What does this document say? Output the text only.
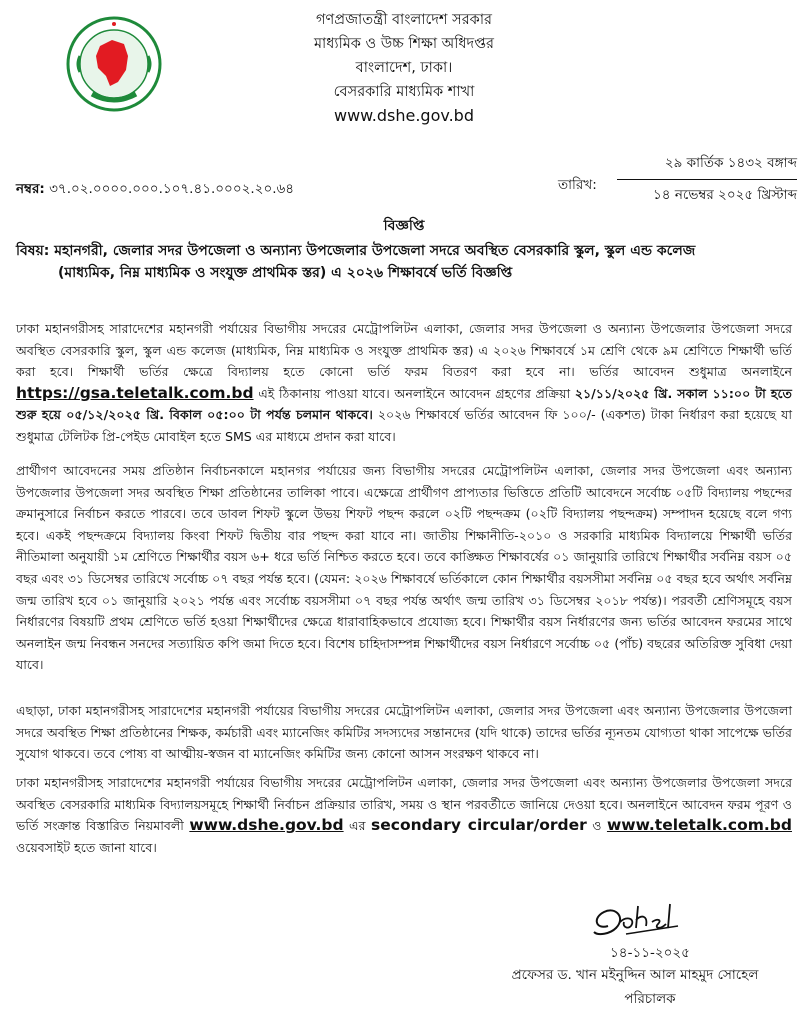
গণপ্রজাতন্ত্রী বাংলাদেশ সরকার
মাধ্যমিক ও উচ্চ শিক্ষা অধিদপ্তর
বাংলাদেশ, ঢাকা।
বেসরকারি মাধ্যমিক শাখা
www.dshe.gov.bd
নম্বর: ৩৭.০২.০০০০.০০০.১০৭.৪১.০০০২.২০.৬৪	তারিখ:
২৯ কার্তিক ১৪৩২ বঙ্গাব্দ
১৪ নভেম্বর ২০২৫ খ্রিস্টাব্দ
বিজ্ঞপ্তি
বিষয়: মহানগরী, জেলার সদর উপজেলা ও অন্যান্য উপজেলার উপজেলা সদরে অবস্থিত বেসরকারি স্কুল, স্কুল এন্ড কলেজ
(মাধ্যমিক, নিম্ন মাধ্যমিক ও সংযুক্ত প্রাথমিক স্তর) এ ২০২৬ শিক্ষাবর্ষে ভর্তি বিজ্ঞপ্তি

ঢাকা মহানগরীসহ সারাদেশের মহানগরী পর্যায়ের বিভাগীয় সদরের মেট্রোপলিটন এলাকা, জেলার সদর উপজেলা ও অন্যান্য উপজেলার উপজেলা সদরে অবস্থিত বেসরকারি স্কুল, স্কুল এন্ড কলেজ (মাধ্যমিক, নিম্ন মাধ্যমিক ও সংযুক্ত প্রাথমিক স্তর) এ ২০২৬ শিক্ষাবর্ষে ১ম শ্রেণি থেকে ৯ম শ্রেণিতে শিক্ষার্থী ভর্তি করা হবে। শিক্ষার্থী ভর্তির ক্ষেত্রে বিদ্যালয় হতে কোনো ভর্তি ফরম বিতরণ করা হবে না। ভর্তির আবেদন শুধুমাত্র অনলাইনে https://gsa.teletalk.com.bd এই ঠিকানায় পাওয়া যাবে। অনলাইনে আবেদন গ্রহণের প্রক্রিয়া ২১/১১/২০২৫ খ্রি. সকাল ১১:০০ টা হতে শুরু হয়ে ০৫/১২/২০২৫ খ্রি. বিকাল ০৫:০০ টা পর্যন্ত চলমান থাকবে। ২০২৬ শিক্ষাবর্ষে ভর্তির আবেদন ফি ১০০/- (একশত) টাকা নির্ধারণ করা হয়েছে যা শুধুমাত্র টেলিটক প্রি-পেইড মোবাইল হতে SMS এর মাধ্যমে প্রদান করা যাবে।

প্রার্থীগণ আবেদনের সময় প্রতিষ্ঠান নির্বাচনকালে মহানগর পর্যায়ের জন্য বিভাগীয় সদরের মেট্রোপলিটন এলাকা, জেলার সদর উপজেলা এবং অন্যান্য উপজেলার উপজেলা সদর অবস্থিত শিক্ষা প্রতিষ্ঠানের তালিকা পাবে। এক্ষেত্রে প্রার্থীগণ প্রাপ্যতার ভিত্তিতে প্রতিটি আবেদনে সর্বোচ্চ ০৫টি বিদ্যালয় পছন্দের ক্রমানুসারে নির্বাচন করতে পারবে। তবে ডাবল শিফট স্কুলে উভয় শিফট পছন্দ করলে ০২টি পছন্দক্রম (০২টি বিদ্যালয় পছন্দক্রম) সম্পাদন হয়েছে বলে গণ্য হবে। একই পছন্দক্রমে বিদ্যালয় কিংবা শিফট দ্বিতীয় বার পছন্দ করা যাবে না। জাতীয় শিক্ষানীতি-২০১০ ও সরকারি মাধ্যমিক বিদ্যালয়ে শিক্ষার্থী ভর্তির নীতিমালা অনুযায়ী ১ম শ্রেণিতে শিক্ষার্থীর বয়স ৬+ ধরে ভর্তি নিশ্চিত করতে হবে। তবে কাঙ্ক্ষিত শিক্ষাবর্ষের ০১ জানুয়ারি তারিখে শিক্ষার্থীর সর্বনিম্ন বয়স ০৫ বছর এবং ৩১ ডিসেম্বর তারিখে সর্বোচ্চ ০৭ বছর পর্যন্ত হবে। (যেমন: ২০২৬ শিক্ষাবর্ষে ভর্তিকালে কোন শিক্ষার্থীর বয়সসীমা সর্বনিম্ন ০৫ বছর হবে অর্থাৎ সর্বনিম্ন জন্ম তারিখ হবে ০১ জানুয়ারি ২০২১ পর্যন্ত এবং সর্বোচ্চ বয়সসীমা ০৭ বছর পর্যন্ত অর্থাৎ জন্ম তারিখ ৩১ ডিসেম্বর ২০১৮ পর্যন্ত)। পরবর্তী শ্রেণিসমূহে বয়স নির্ধারণের বিষয়টি প্রথম শ্রেণিতে ভর্তি হওয়া শিক্ষার্থীদের ক্ষেত্রে ধারাবাহিকভাবে প্রযোজ্য হবে। শিক্ষার্থীর বয়স নির্ধারণের জন্য ভর্তির আবেদন ফরমের সাথে অনলাইন জন্ম নিবন্ধন সনদের সত্যায়িত কপি জমা দিতে হবে। বিশেষ চাহিদাসম্পন্ন শিক্ষার্থীদের বয়স নির্ধারণে সর্বোচ্চ ০৫ (পাঁচ) বছরের অতিরিক্ত সুবিধা দেয়া যাবে।

এছাড়া, ঢাকা মহানগরীসহ সারাদেশের মহানগরী পর্যায়ের বিভাগীয় সদরের মেট্রোপলিটন এলাকা, জেলার সদর উপজেলা এবং অন্যান্য উপজেলার উপজেলা সদরে অবস্থিত শিক্ষা প্রতিষ্ঠানের শিক্ষক, কর্মচারী এবং ম্যানেজিং কমিটির সদস্যদের সন্তানদের (যদি থাকে) তাদের ভর্তির ন্যূনতম যোগ্যতা থাকা সাপেক্ষে ভর্তির সুযোগ থাকবে। তবে পোষ্য বা আত্মীয়-স্বজন বা ম্যানেজিং কমিটির জন্য কোনো আসন সংরক্ষণ থাকবে না।

ঢাকা মহানগরীসহ সারাদেশের মহানগরী পর্যায়ের বিভাগীয় সদরের মেট্রোপলিটন এলাকা, জেলার সদর উপজেলা এবং অন্যান্য উপজেলার উপজেলা সদরে অবস্থিত বেসরকারি মাধ্যমিক বিদ্যালয়সমূহে শিক্ষার্থী নির্বাচন প্রক্রিয়ার তারিখ, সময় ও স্থান পরবর্তীতে জানিয়ে দেওয়া হবে। অনলাইনে আবেদন ফরম পূরণ ও ভর্তি সংক্রান্ত বিস্তারিত নিয়মাবলী www.dshe.gov.bd এর secondary circular/order ও www.teletalk.com.bd ওয়েবসাইট হতে জানা যাবে।

১৪-১১-২০২৫
প্রফেসর ড. খান মইনুদ্দিন আল মাহমুদ সোহেল
পরিচালক
